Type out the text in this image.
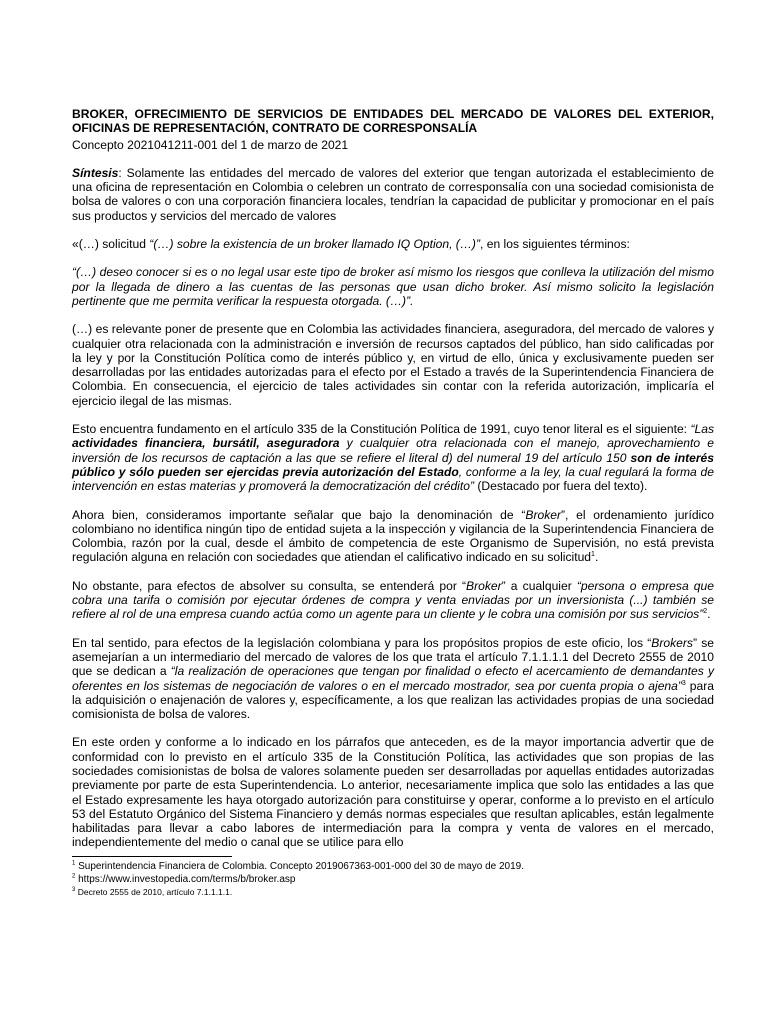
BROKER, OFRECIMIENTO DE SERVICIOS DE ENTIDADES DEL MERCADO DE VALORES DEL EXTERIOR, OFICINAS DE REPRESENTACIÓN, CONTRATO DE CORRESPONSALÍA

Concepto 2021041211-001 del 1 de marzo de 2021

Síntesis: Solamente las entidades del mercado de valores del exterior que tengan autorizada el establecimiento de una oficina de representación en Colombia o celebren un contrato de corresponsalía con una sociedad comisionista de bolsa de valores o con una corporación financiera locales, tendrían la capacidad de publicitar y promocionar en el país sus productos y servicios del mercado de valores

«(…) solicitud “(…) sobre la existencia de un broker llamado IQ Option, (…)”, en los siguientes términos:

“(…) deseo conocer si es o no legal usar este tipo de broker así mismo los riesgos que conlleva la utilización del mismo por la llegada de dinero a las cuentas de las personas que usan dicho broker. Así mismo solicito la legislación pertinente que me permita verificar la respuesta otorgada. (…)”.

(…) es relevante poner de presente que en Colombia las actividades financiera, aseguradora, del mercado de valores y cualquier otra relacionada con la administración e inversión de recursos captados del público, han sido calificadas por la ley y por la Constitución Política como de interés público y, en virtud de ello, única y exclusivamente pueden ser desarrolladas por las entidades autorizadas para el efecto por el Estado a través de la Superintendencia Financiera de Colombia. En consecuencia, el ejercicio de tales actividades sin contar con la referida autorización, implicaría el ejercicio ilegal de las mismas.

Esto encuentra fundamento en el artículo 335 de la Constitución Política de 1991, cuyo tenor literal es el siguiente: “Las actividades financiera, bursátil, aseguradora y cualquier otra relacionada con el manejo, aprovechamiento e inversión de los recursos de captación a las que se refiere el literal d) del numeral 19 del artículo 150 son de interés público y sólo pueden ser ejercidas previa autorización del Estado, conforme a la ley, la cual regulará la forma de intervención en estas materias y promoverá la democratización del crédito” (Destacado por fuera del texto).

Ahora bien, consideramos importante señalar que bajo la denominación de “Broker”, el ordenamiento jurídico colombiano no identifica ningún tipo de entidad sujeta a la inspección y vigilancia de la Superintendencia Financiera de Colombia, razón por la cual, desde el ámbito de competencia de este Organismo de Supervisión, no está prevista regulación alguna en relación con sociedades que atiendan el calificativo indicado en su solicitud$^1$.

No obstante, para efectos de absolver su consulta, se entenderá por “Broker” a cualquier “persona o empresa que cobra una tarifa o comisión por ejecutar órdenes de compra y venta enviadas por un inversionista (...) también se refiere al rol de una empresa cuando actúa como un agente para un cliente y le cobra una comisión por sus servicios”$^2$.

En tal sentido, para efectos de la legislación colombiana y para los propósitos propios de este oficio, los “Brokers” se asemejarían a un intermediario del mercado de valores de los que trata el artículo 7.1.1.1.1 del Decreto 2555 de 2010 que se dedican a “la realización de operaciones que tengan por finalidad o efecto el acercamiento de demandantes y oferentes en los sistemas de negociación de valores o en el mercado mostrador, sea por cuenta propia o ajena”$^3$ para la adquisición o enajenación de valores y, específicamente, a los que realizan las actividades propias de una sociedad comisionista de bolsa de valores.

En este orden y conforme a lo indicado en los párrafos que anteceden, es de la mayor importancia advertir que de conformidad con lo previsto en el artículo 335 de la Constitución Política, las actividades que son propias de las sociedades comisionistas de bolsa de valores solamente pueden ser desarrolladas por aquellas entidades autorizadas previamente por parte de esta Superintendencia. Lo anterior, necesariamente implica que solo las entidades a las que el Estado expresamente les haya otorgado autorización para constituirse y operar, conforme a lo previsto en el artículo 53 del Estatuto Orgánico del Sistema Financiero y demás normas especiales que resultan aplicables, están legalmente habilitadas para llevar a cabo labores de intermediación para la compra y venta de valores en el mercado, independientemente del medio o canal que se utilice para ello

$^1$ Superintendencia Financiera de Colombia. Concepto 2019067363-001-000 del 30 de mayo de 2019.

$^2$ https://www.investopedia.com/terms/b/broker.asp

$^3$ Decreto 2555 de 2010, artículo 7.1.1.1.1.
